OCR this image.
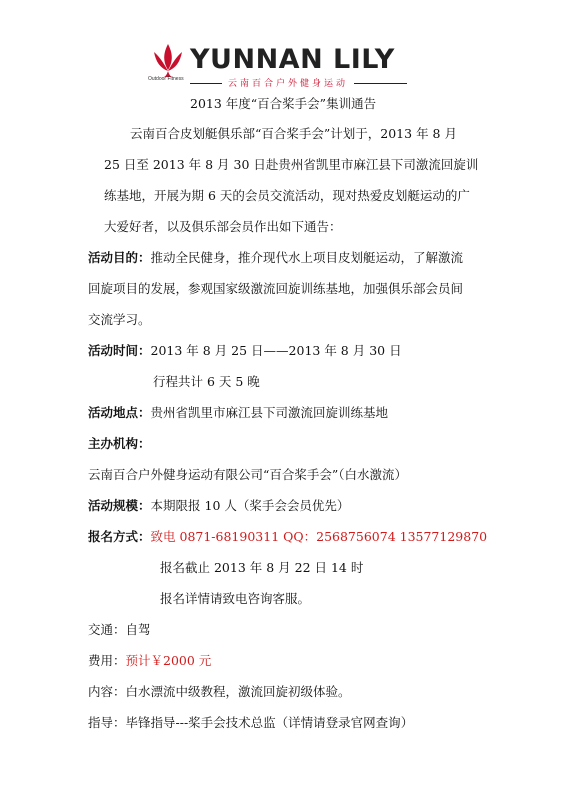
YUNNAN LILY
Outdoor Fitness	云南百合户外健身运动
2013 年度“百合桨手会”集训通告
云南百合皮划艇俱乐部“百合桨手会”计划于，2013 年 8 月
25 日至 2013 年 8 月 30 日赴贵州省凯里市麻江县下司激流回旋训
练基地，开展为期 6 天的会员交流活动，现对热爱皮划艇运动的广
大爱好者，以及俱乐部会员作出如下通告：
活动目的：推动全民健身，推介现代水上项目皮划艇运动，了解激流
回旋项目的发展，参观国家级激流回旋训练基地，加强俱乐部会员间
交流学习。
活动时间：2013 年 8 月 25 日——2013 年 8 月 30 日
行程共计 6 天 5 晚
活动地点：贵州省凯里市麻江县下司激流回旋训练基地
主办机构：
云南百合户外健身运动有限公司“百合桨手会”（白水激流）
活动规模：本期限报 10 人（桨手会会员优先）
报名方式：致电 0871-68190311 QQ：2568756074 13577129870
报名截止 2013 年 8 月 22 日 14 时
报名详情请致电咨询客服。
交通：自驾
费用：预计￥2000 元
内容：白水漂流中级教程，激流回旋初级体验。
指导：毕锋指导---桨手会技术总监（详情请登录官网查询）
